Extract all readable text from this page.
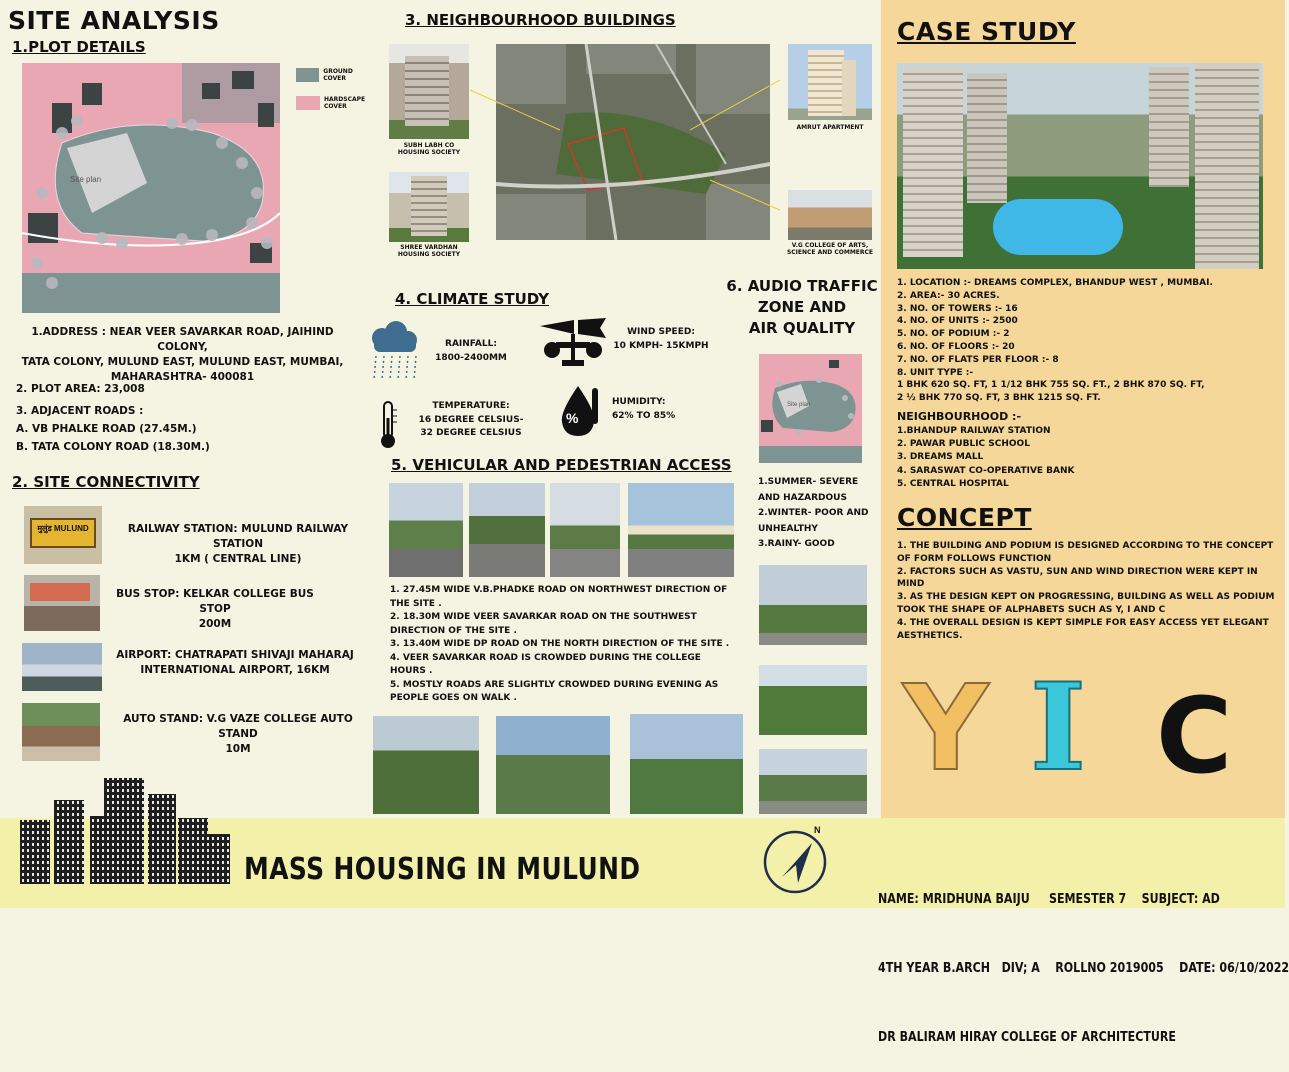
SITE ANALYSIS
1.PLOT DETAILS
Site plan
GROUND COVER
HARDSCAPE COVER
1.ADDRESS : NEAR VEER SAVARKAR ROAD, JAIHIND COLONY,
TATA COLONY, MULUND EAST, MULUND EAST, MUMBAI,
MAHARASHTRA- 400081
2. PLOT AREA: 23,008
3. ADJACENT ROADS :
A. VB PHALKE ROAD (27.45M.)
B. TATA COLONY ROAD (18.30M.)
2. SITE CONNECTIVITY
मुलुंड MULUND	RAILWAY STATION: MULUND RAILWAY STATION
1KM ( CENTRAL LINE)
BUS STOP: KELKAR COLLEGE BUS STOP
200M
AIRPORT: CHATRAPATI SHIVAJI MAHARAJ
INTERNATIONAL AIRPORT, 16KM
AUTO STAND: V.G VAZE COLLEGE AUTO STAND
10M
3. NEIGHBOURHOOD BUILDINGS
SUBH LABH CO HOUSING SOCIETY
SHREE VARDHAN HOUSING SOCIETY
AMRUT APARTMENT
V.G COLLEGE OF ARTS, SCIENCE AND COMMERCE
4. CLIMATE STUDY
RAINFALL:
1800-2400MM
WIND SPEED:
10 KMPH- 15KMPH
TEMPERATURE:
16 DEGREE CELSIUS-
32 DEGREE CELSIUS
%
HUMIDITY:
62% TO 85%
5. VEHICULAR AND PEDESTRIAN ACCESS
1. 27.45M WIDE V.B.PHADKE ROAD ON NORTHWEST DIRECTION OF THE SITE .
2. 18.30M WIDE VEER SAVARKAR ROAD ON THE SOUTHWEST DIRECTION OF THE SITE .
3. 13.40M WIDE DP ROAD ON THE NORTH DIRECTION OF THE SITE .
4. VEER SAVARKAR ROAD IS CROWDED DURING THE COLLEGE HOURS .
5. MOSTLY ROADS ARE SLIGHTLY CROWDED DURING EVENING AS PEOPLE GOES ON WALK .
6. AUDIO TRAFFIC
ZONE AND
AIR QUALITY
Site plan
1.SUMMER- SEVERE AND HAZARDOUS
2.WINTER- POOR AND UNHEALTHY
3.RAINY- GOOD
CASE STUDY
1. LOCATION :- DREAMS COMPLEX, BHANDUP WEST , MUMBAI.
2. AREA:- 30 ACRES.
3. NO. OF TOWERS :- 16
4. NO. OF UNITS :- 2500
5. NO. OF PODIUM :- 2
6. NO. OF FLOORS :- 20
7. NO. OF FLATS PER FLOOR :- 8
8. UNIT TYPE :-
1 BHK 620 SQ. FT, 1 1/12 BHK 755 SQ. FT., 2 BHK 870 SQ. FT,
2 ½ BHK 770 SQ. FT, 3 BHK 1215 SQ. FT.
NEIGHBOURHOOD :-
1.BHANDUP RAILWAY STATION
2. PAWAR PUBLIC SCHOOL
3. DREAMS MALL
4. SARASWAT CO-OPERATIVE BANK
5. CENTRAL HOSPITAL
CONCEPT
1. THE BUILDING AND PODIUM IS DESIGNED ACCORDING TO THE CONCEPT OF FORM FOLLOWS FUNCTION
2. FACTORS SUCH AS VASTU, SUN AND WIND DIRECTION WERE KEPT IN MIND
3. AS THE DESIGN KEPT ON PROGRESSING, BUILDING AS WELL AS PODIUM TOOK THE SHAPE OF ALPHABETS SUCH AS Y, I AND C
4. THE OVERALL DESIGN IS KEPT SIMPLE FOR EASY ACCESS YET ELEGANT AESTHETICS.
Y I C
MASS HOUSING IN MULUND
N

NAME: MRIDHUNA BAIJU     SEMESTER 7    SUBJECT: AD

4TH YEAR B.ARCH   DIV; A    ROLLNO 2019005    DATE: 06/10/2022

DR BALIRAM HIRAY COLLEGE OF ARCHITECTURE
